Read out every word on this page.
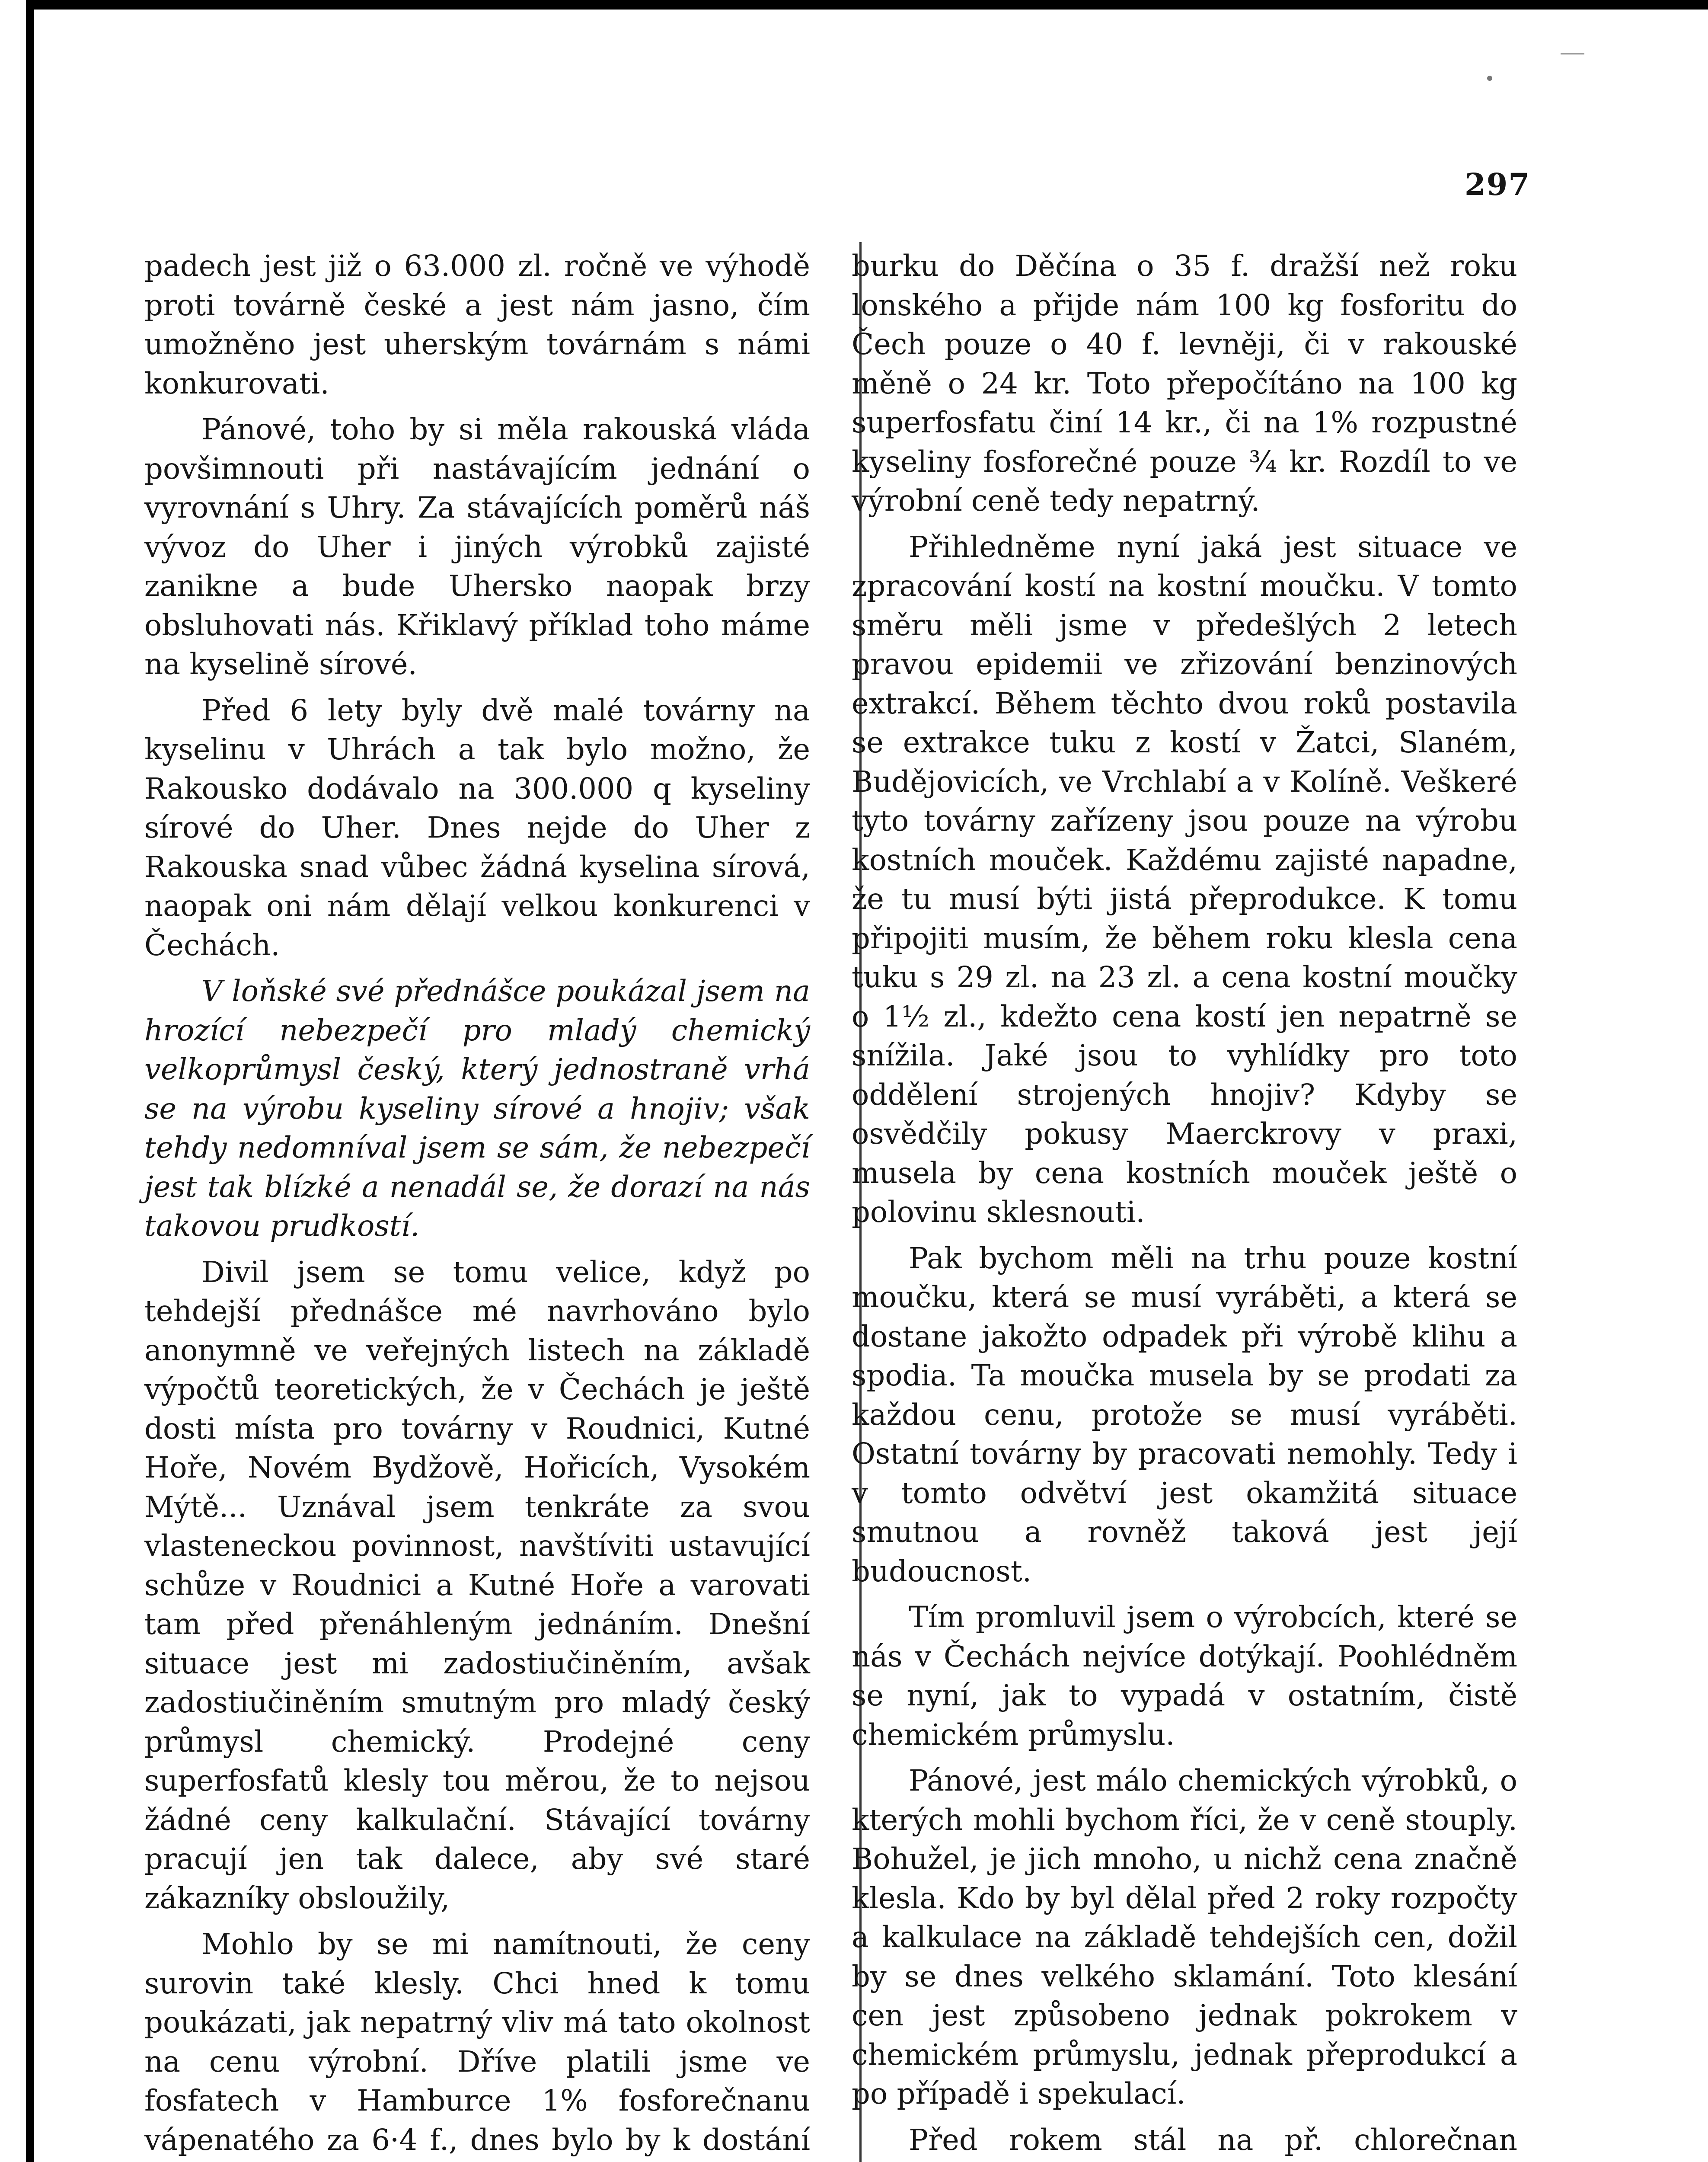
297

padech jest již o 63.000 zl. ročně ve výhodě proti továrně české a jest nám jasno, čím umožněno jest uherským továrnám s námi konkurovati.

Pánové, toho by si měla rakouská vláda povšimnouti při nastávajícím jednání o vyrovnání s Uhry. Za stávajících poměrů náš vývoz do Uher i jiných výrobků zajisté zanikne a bude Uhersko naopak brzy obsluhovati nás. Křiklavý příklad toho máme na kyselině sírové.

Před 6 lety byly dvě malé továrny na kyselinu v Uhrách a tak bylo možno, že Rakousko dodávalo na 300.000 q kyseliny sírové do Uher. Dnes nejde do Uher z Rakouska snad vůbec žádná kyselina sírová, naopak oni nám dělají velkou konkurenci v Čechách.

V loňské své přednášce poukázal jsem na hrozící nebezpečí pro mladý chemický velkoprůmysl český, který jednostraně vrhá se na výrobu kyseliny sírové a hnojiv; však tehdy nedomníval jsem se sám, že nebezpečí jest tak blízké a nenadál se, že dorazí na nás takovou prudkostí.

Divil jsem se tomu velice, když po tehdejší přednášce mé navrhováno bylo anonymně ve veřejných listech na základě výpočtů teoretických, že v Čechách je ještě dosti místa pro továrny v Roudnici, Kutné Hoře, Novém Bydžově, Hořicích, Vysokém Mýtě... Uznával jsem tenkráte za svou vlasteneckou povinnost, navštíviti ustavující schůze v Roudnici a Kutné Hoře a varovati tam před přenáhleným jednáním. Dnešní situace jest mi zadostiučiněním, avšak zadostiučiněním smutným pro mladý český průmysl chemický. Prodejné ceny superfosfatů klesly tou měrou, že to nejsou žádné ceny kalkulační. Stávající továrny pracují jen tak dalece, aby své staré zákazníky obsloužily,

Mohlo by se mi namítnouti, že ceny surovin také klesly. Chci hned k tomu poukázati, jak nepatrný vliv má tato okolnost na cenu výrobní. Dříve platili jsme ve fosfatech v Hamburce 1% fosforečnanu vápenatého za 6·4 f., dnes bylo by k dostání

burku do Děčína o 35 f. dražší než roku lonského a přijde nám 100 kg fosforitu do Čech pouze o 40 f. levněji, či v rakouské měně o 24 kr. Toto přepočítáno na 100 kg superfosfatu činí 14 kr., či na 1% rozpustné kyseliny fosforečné pouze ¾ kr. Rozdíl to ve výrobní ceně tedy nepatrný.

Přihledněme nyní jaká jest situace ve zpracování kostí na kostní moučku. V tomto směru měli jsme v předešlých 2 letech pravou epidemii ve zřizování benzinových extrakcí. Během těchto dvou roků postavila se extrakce tuku z kostí v Žatci, Slaném, Budějovicích, ve Vrchlabí a v Kolíně. Veškeré tyto továrny zařízeny jsou pouze na výrobu kostních mouček. Každému zajisté napadne, že tu musí býti jistá přeprodukce. K tomu připojiti musím, že během roku klesla cena tuku s 29 zl. na 23 zl. a cena kostní moučky o 1½ zl., kdežto cena kostí jen nepatrně se snížila. Jaké jsou to vyhlídky pro toto oddělení strojených hnojiv? Kdyby se osvědčily pokusy Maerckrovy v praxi, musela by cena kostních mouček ještě o polovinu sklesnouti.

Pak bychom měli na trhu pouze kostní moučku, která se musí vyráběti, a která se dostane jakožto odpadek při výrobě klihu a spodia. Ta moučka musela by se prodati za každou cenu, protože se musí vyráběti. Ostatní továrny by pracovati nemohly. Tedy i v tomto odvětví jest okamžitá situace smutnou a rovněž taková jest její budoucnost.

Tím promluvil jsem o výrobcích, které se nás v Čechách nejvíce dotýkají. Poohlédněm se nyní, jak to vypadá v ostatním, čistě chemickém průmyslu.

Pánové, jest málo chemických výrobků, o kterých mohli bychom říci, že v ceně stouply. Bohužel, je jich mnoho, u nichž cena značně klesla. Kdo by byl dělal před 2 roky rozpočty a kalkulace na základě tehdejších cen, dožil by se dnes velkého sklamání. Toto klesání cen jest způsobeno jednak pokrokem v chemickém průmyslu, jednak přeprodukcí a po případě i spekulací.

Před rokem stál na př. chlorečnan
